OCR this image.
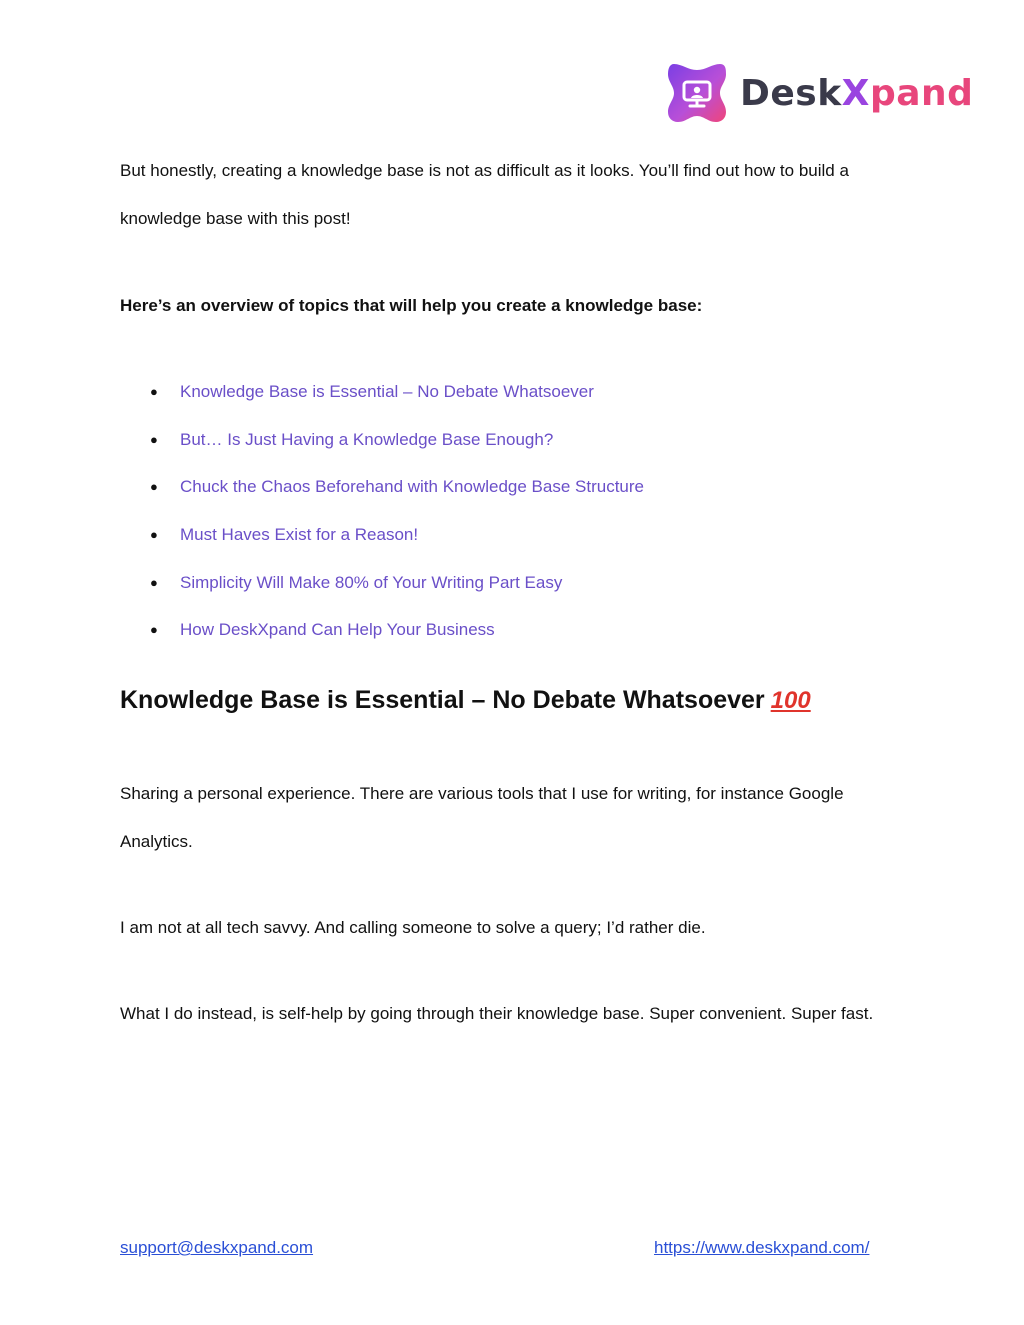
DeskXpand

But honestly, creating a knowledge base is not as difficult as it looks. You’ll find out how to build a knowledge base with this post!

Here’s an overview of topics that will help you create a knowledge base:

●	Knowledge Base is Essential – No Debate Whatsoever
●	But… Is Just Having a Knowledge Base Enough?
●	Chuck the Chaos Beforehand with Knowledge Base Structure
●	Must Haves Exist for a Reason!
●	Simplicity Will Make 80% of Your Writing Part Easy
●	How DeskXpand Can Help Your Business
Knowledge Base is Essential – No Debate Whatsoever 100

Sharing a personal experience. There are various tools that I use for writing, for instance Google Analytics.

I am not at all tech savvy. And calling someone to solve a query; I’d rather die.

What I do instead, is self-help by going through their knowledge base. Super convenient. Super fast.

support@deskxpand.com	https://www.deskxpand.com/
